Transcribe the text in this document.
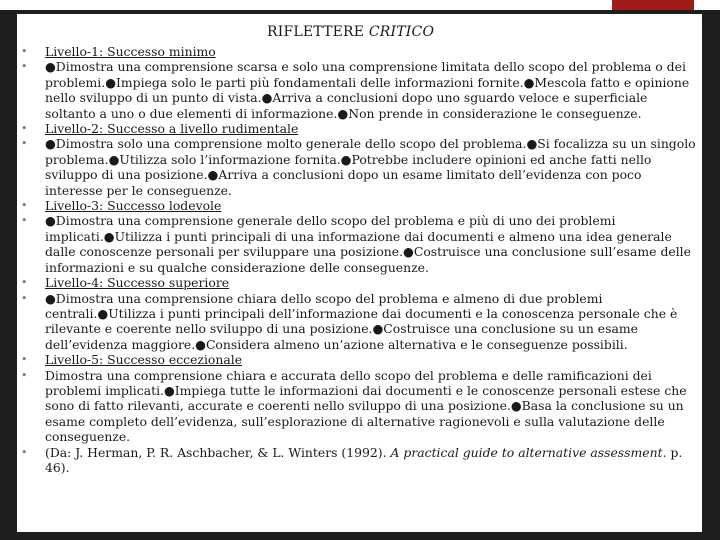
RIFLETTERE CRITICO
• Livello-1: Successo minimo
• ●Dimostra una comprensione scarsa e solo una comprensione limitata dello scopo del problema o dei problemi.●Impiega solo le parti più fondamentali delle informazioni fornite.●Mescola fatto e opinione nello sviluppo di un punto di vista.●Arriva a conclusioni dopo uno sguardo veloce e superficiale soltanto a uno o due elementi di informazione.●Non prende in considerazione le conseguenze.
• Livello-2: Successo a livello rudimentale
• ●Dimostra solo una comprensione molto generale dello scopo del problema.●Si focalizza su un singolo problema.●Utilizza solo l’informazione fornita.●Potrebbe includere opinioni ed anche fatti nello sviluppo di una posizione.●Arriva a conclusioni dopo un esame limitato dell’evidenza con poco interesse per le conseguenze.
• Livello-3: Successo lodevole
• ●Dimostra una comprensione generale dello scopo del problema e più di uno dei problemi implicati.●Utilizza i punti principali di una informazione dai documenti e almeno una idea generale dalle conoscenze personali per sviluppare una posizione.●Costruisce una conclusione sull’esame delle informazioni e su qualche considerazione delle conseguenze.
• Livello-4: Successo superiore
• ●Dimostra una comprensione chiara dello scopo del problema e almeno di due problemi centrali.●Utilizza i punti principali dell’informazione dai documenti e la conoscenza personale che è rilevante e coerente nello sviluppo di una posizione.●Costruisce una conclusione su un esame dell’evidenza maggiore.●Considera almeno un’azione alternativa e le conseguenze possibili.
• Livello-5: Successo eccezionale
• Dimostra una comprensione chiara e accurata dello scopo del problema e delle ramificazioni dei problemi implicati.●Impiega tutte le informazioni dai documenti e le conoscenze personali estese che sono di fatto rilevanti, accurate e coerenti nello sviluppo di una posizione.●Basa la conclusione su un esame completo dell’evidenza, sull’esplorazione di alternative ragionevoli e sulla valutazione delle conseguenze.
• (Da: J. Herman, P. R. Aschbacher, & L. Winters (1992). A practical guide to alternative assessment. p. 46).
